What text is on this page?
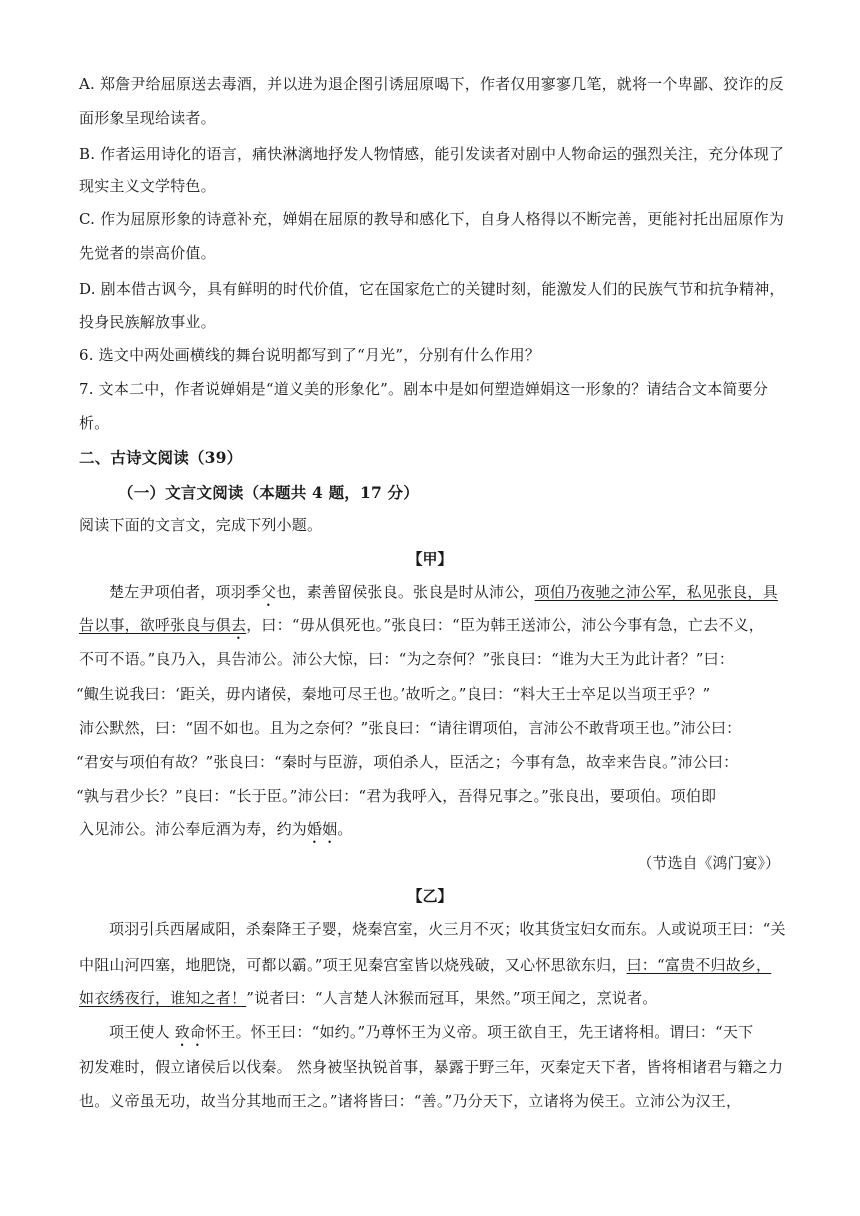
A. 郑詹尹给屈原送去毒酒，并以进为退企图引诱屈原喝下，作者仅用寥寥几笔，就将一个卑鄙、狡诈的反
面形象呈现给读者。
B. 作者运用诗化的语言，痛快淋漓地抒发人物情感，能引发读者对剧中人物命运的强烈关注，充分体现了
现实主义文学特色。
C. 作为屈原形象的诗意补充，婵娟在屈原的教导和感化下，自身人格得以不断完善，更能衬托出屈原作为
先觉者的崇高价值。
D. 剧本借古讽今，具有鲜明的时代价值，它在国家危亡的关键时刻，能激发人们的民族气节和抗争精神，
投身民族解放事业。
6. 选文中两处画横线的舞台说明都写到了“月光”，分别有什么作用？
7. 文本二中，作者说婵娟是“道义美的形象化”。剧本中是如何塑造婵娟这一形象的？请结合文本简要分
析。
二、古诗文阅读（39）
（一）文言文阅读（本题共 4 题，17 分）
阅读下面的文言文，完成下列小题。
【甲】
楚左尹项伯者，项羽季父也，素善留侯张良。张良是时从沛公，项伯乃夜驰之沛公军，私见张良，具
告以事，欲呼张良与俱去，曰：“毋从俱死也。”张良曰：“臣为韩王送沛公，沛公今事有急，亡去不义，
不可不语。”良乃入，具告沛公。沛公大惊，曰：“为之奈何？”张良曰：“谁为大王为此计者？”曰：
“鲰生说我曰：‘距关，毋内诸侯，秦地可尽王也。’故听之。”良曰：“料大王士卒足以当项王乎？”
沛公默然，曰：“固不如也。且为之奈何？”张良曰：“请往谓项伯，言沛公不敢背项王也。”沛公曰：
“君安与项伯有故？”张良曰：“秦时与臣游，项伯杀人，臣活之；今事有急，故幸来告良。”沛公曰：
“孰与君少长？”良曰：“长于臣。”沛公曰：“君为我呼入，吾得兄事之。”张良出，要项伯。项伯即
入见沛公。沛公奉卮酒为寿，约为婚姻。
（节选自《鸿门宴》）
【乙】
项羽引兵西屠咸阳，杀秦降王子婴，烧秦宫室，火三月不灭；收其货宝妇女而东。人或说项王曰：“关
中阻山河四塞，地肥饶，可都以霸。”项王见秦宫室皆以烧残破，又心怀思欲东归，曰：“富贵不归故乡，
如衣绣夜行，谁知之者！”说者曰：“人言楚人沐猴而冠耳，果然。”项王闻之，烹说者。
项王使人 致命怀王。怀王曰：“如约。”乃尊怀王为义帝。项王欲自王，先王诸将相。谓曰：“天下
初发难时，假立诸侯后以伐秦。 然身被坚执锐首事，暴露于野三年，灭秦定天下者，皆将相诸君与籍之力
也。义帝虽无功，故当分其地而王之。”诸将皆曰：“善。”乃分天下，立诸将为侯王。立沛公为汉王，
